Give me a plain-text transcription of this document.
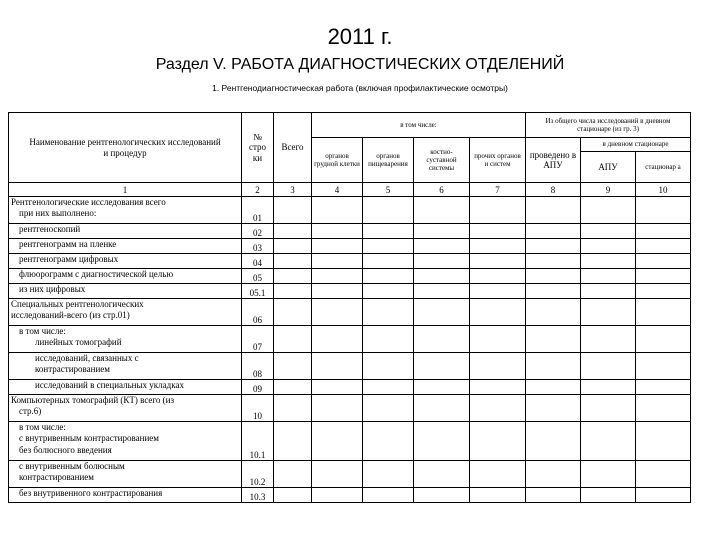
2011 г.
Раздел V. РАБОТА ДИАГНОСТИЧЕСКИХ ОТДЕЛЕНИЙ
1. Рентгенодиагностическая работа (включая профилактические осмотры)
Наименование рентгенологических исследований и процедур	№ стро ки	Всего	в том числе:				Из общего числа исследований в дневном стационаре (из гр. 3)		
			органов грудной клетки	органов пищеварения	костно-суставной системы	прочих органов и систем	проведено в АПУ	в дневном стационаре	
								АПУ	стационар а
1	2	3	4	5	6	7	8	9	10

Рентгенологические исследования всего
при них выполнено:	01								

рентгеноскопий	02								

рентгенограмм на пленке	03								

рентгенограмм цифровых	04								

флюорограмм с диагностической целью	05								

из них цифровых	05.1								

Специальных рентгенологических
исследований-всего (из стр.01)	06								

в том числе:
линейных томографий	07								

исследований, связанных с
контрастированием	08								

исследований в специальных укладках	09								

Компьютерных томографий (КТ) всего (из
стр.6)	10								

в том числе:
с внутривенным контрастированием
без болюсного введения	10.1								

с внутривенным болюсным
контрастированием	10.2								

без внутривенного контрастирования	10.3								
